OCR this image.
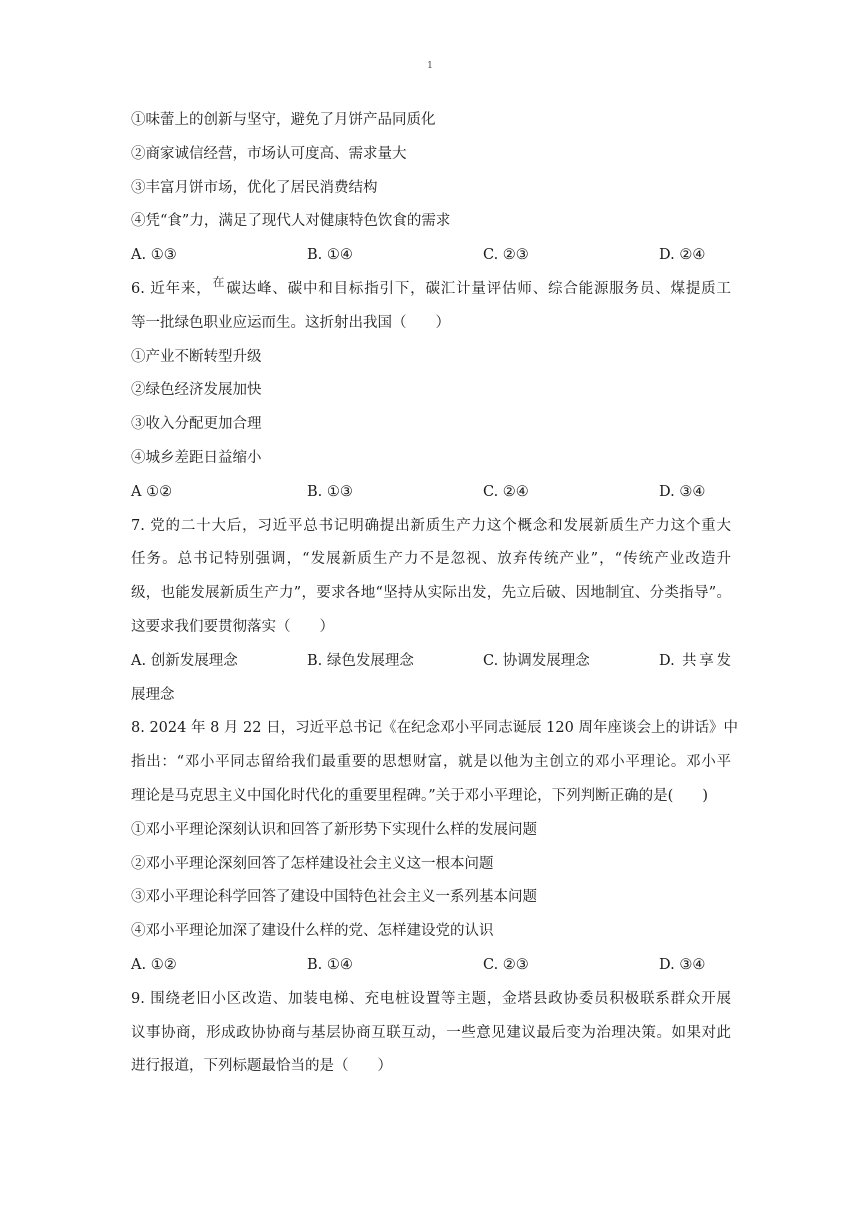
1
①味蕾上的创新与坚守，避免了月饼产品同质化
②商家诚信经营，市场认可度高、需求量大
③丰富月饼市场，优化了居民消费结构
④凭“食”力，满足了现代人对健康特色饮食的需求
A. ①③	B. ①④	C. ②③	D. ②④
6. 近年来，$^在$碳达峰、碳中和目标指引下，碳汇计量评估师、综合能源服务员、煤提质工
等一批绿色职业应运而生。这折射出我国（　　）
①产业不断转型升级
②绿色经济发展加快
③收入分配更加合理
④城乡差距日益缩小
A ①②	B. ①③	C. ②④	D. ③④
7. 党的二十大后，习近平总书记明确提出新质生产力这个概念和发展新质生产力这个重大
任务。总书记特别强调，“发展新质生产力不是忽视、放弃传统产业”，“传统产业改造升
级，也能发展新质生产力”，要求各地“坚持从实际出发，先立后破、因地制宜、分类指导”。
这要求我们要贯彻落实（　　）
A. 创新发展理念	B. 绿色发展理念	C. 协调发展理念	D. 共享发
展理念
8. 2024 年 8 月 22 日，习近平总书记《在纪念邓小平同志诞辰 120 周年座谈会上的讲话》中
指出：“邓小平同志留给我们最重要的思想财富，就是以他为主创立的邓小平理论。邓小平
理论是马克思主义中国化时代化的重要里程碑。”关于邓小平理论，下列判断正确的是(　　)
①邓小平理论深刻认识和回答了新形势下实现什么样的发展问题
②邓小平理论深刻回答了怎样建设社会主义这一根本问题
③邓小平理论科学回答了建设中国特色社会主义一系列基本问题
④邓小平理论加深了建设什么样的党、怎样建设党的认识
A. ①②	B. ①④	C. ②③	D. ③④
9. 围绕老旧小区改造、加装电梯、充电桩设置等主题，金塔县政协委员积极联系群众开展
议事协商，形成政协协商与基层协商互联互动，一些意见建议最后变为治理决策。如果对此
进行报道，下列标题最恰当的是（　　）
